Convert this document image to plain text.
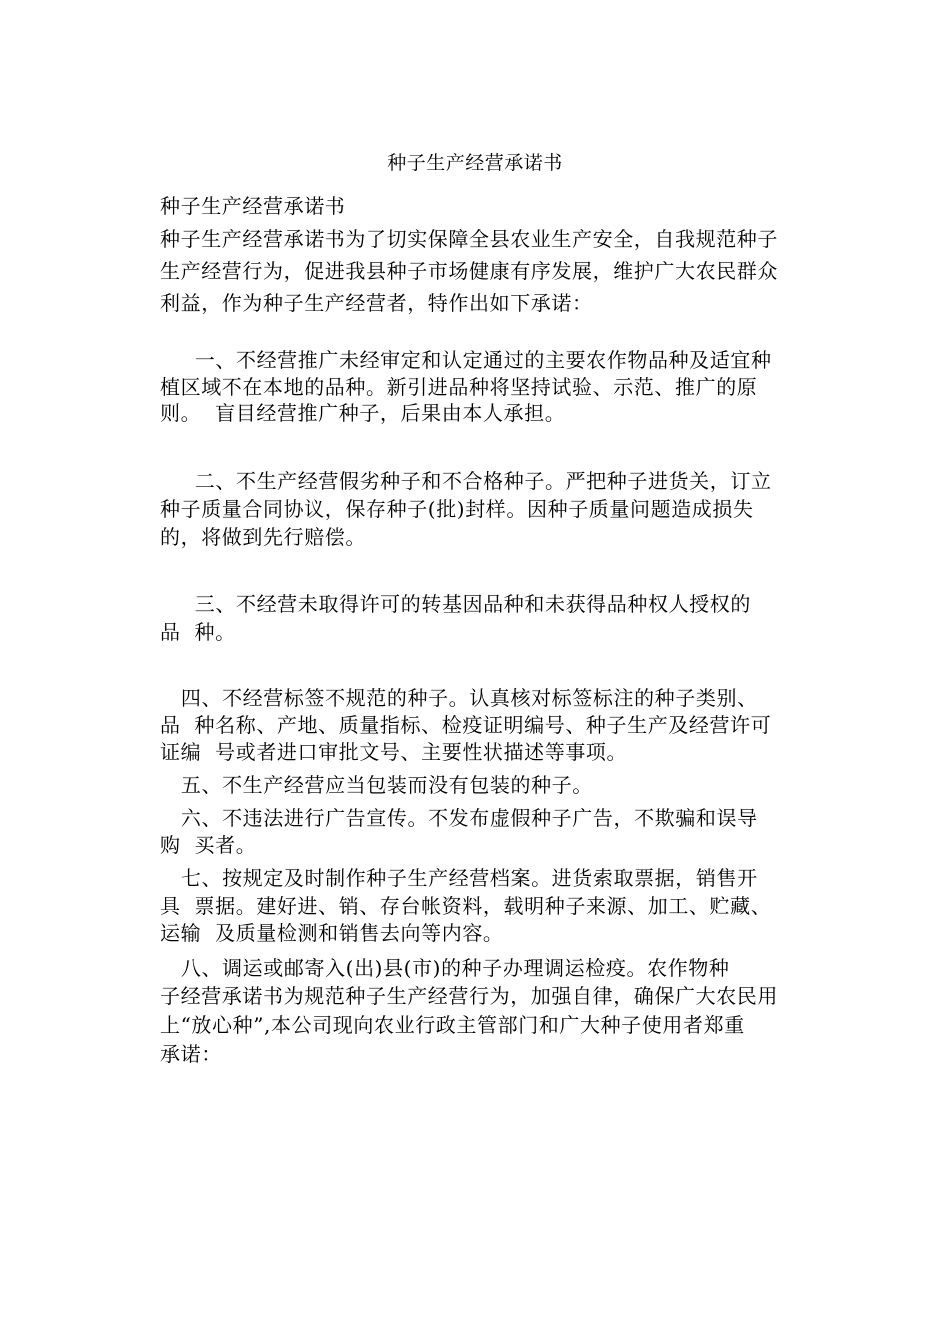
种子生产经营承诺书
种子生产经营承诺书
种子生产经营承诺书为了切实保障全县农业生产安全，自我规范种子
生产经营行为，促进我县种子市场健康有序发展，维护广大农民群众
利益，作为种子生产经营者，特作出如下承诺：
一、不经营推广未经审定和认定通过的主要农作物品种及适宜种
植区域不在本地的品种。新引进品种将坚持试验、示范、推广的原
则。  盲目经营推广种子，后果由本人承担。
二、不生产经营假劣种子和不合格种子。严把种子进货关，订立
种子质量合同协议，保存种子(批)封样。因种子质量问题造成损失
的，将做到先行赔偿。
三、不经营未取得许可的转基因品种和未获得品种权人授权的
品  种。
四、不经营标签不规范的种子。认真核对标签标注的种子类别、
品  种名称、产地、质量指标、检疫证明编号、种子生产及经营许可
证编  号或者进口审批文号、主要性状描述等事项。
五、不生产经营应当包装而没有包装的种子。
六、不违法进行广告宣传。不发布虚假种子广告，不欺骗和误导
购  买者。
七、按规定及时制作种子生产经营档案。进货索取票据，销售开
具  票据。建好进、销、存台帐资料，载明种子来源、加工、贮藏、
运输  及质量检测和销售去向等内容。
八、调运或邮寄入(出)县(市)的种子办理调运检疫。农作物种
子经营承诺书为规范种子生产经营行为，加强自律，确保广大农民用
上“放心种”,本公司现向农业行政主管部门和广大种子使用者郑重
承诺：
